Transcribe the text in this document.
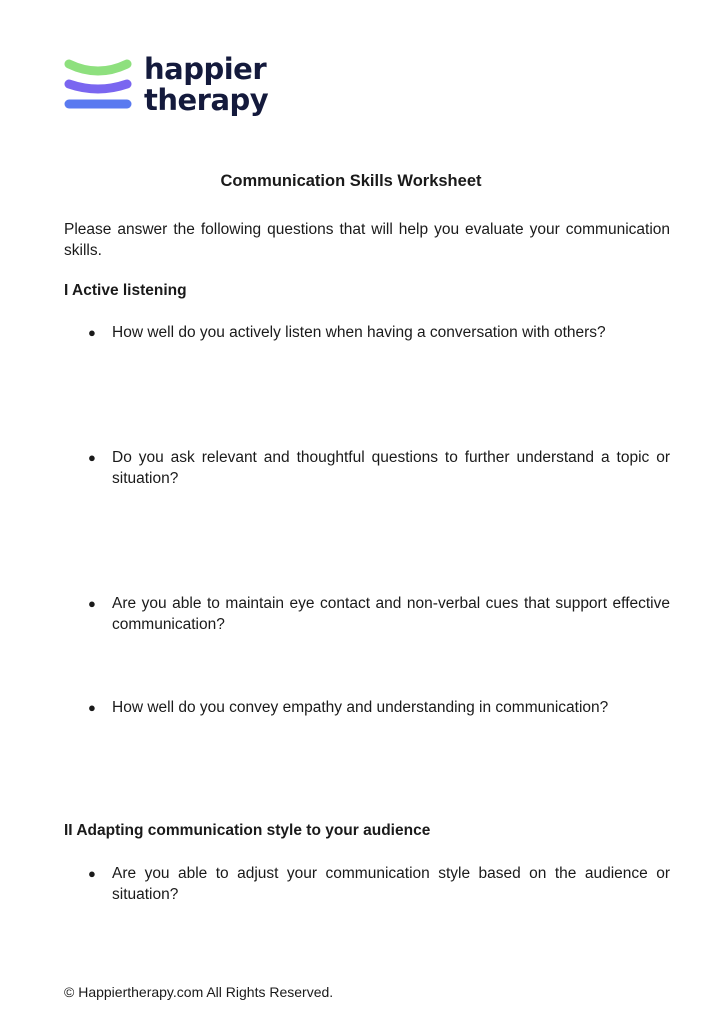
happier
therapy
Communication Skills Worksheet
Please answer the following questions that will help you evaluate your communication skills.
I Active listening
●	How well do you actively listen when having a conversation with others?
●	Do you ask relevant and thoughtful questions to further understand a topic or situation?
●	Are you able to maintain eye contact and non-verbal cues that support effective communication?
●	How well do you convey empathy and understanding in communication?
II Adapting communication style to your audience
●	Are you able to adjust your communication style based on the audience or situation?
© Happiertherapy.com All Rights Reserved.
